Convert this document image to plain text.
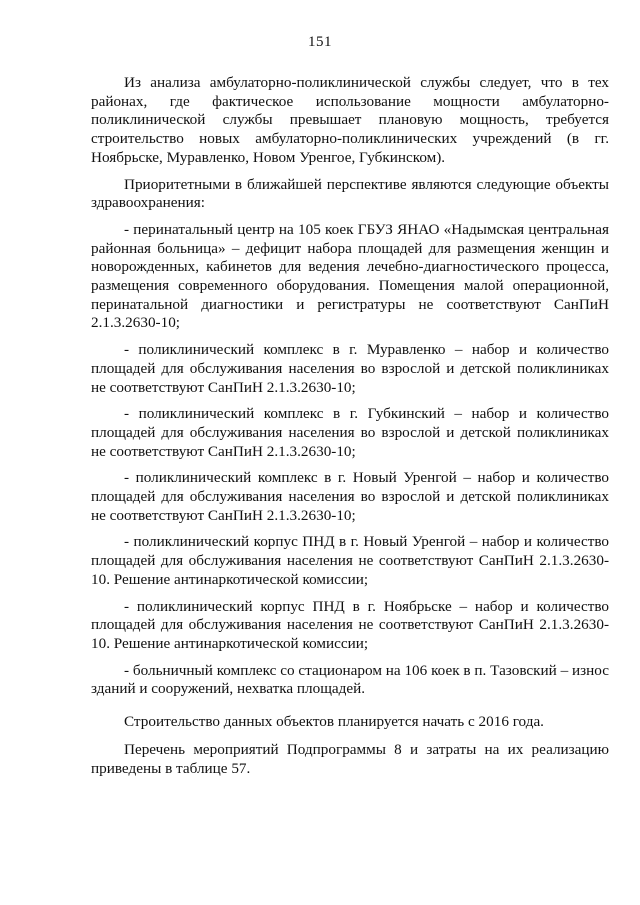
151

Из анализа амбулаторно-поликлинической службы следует, что в тех районах, где фактическое использование мощности амбулаторно-поликлинической службы превышает плановую мощность, требуется строительство новых амбулаторно-поликлинических учреждений (в гг. Ноябрьске, Муравленко, Новом Уренгое, Губкинском).

Приоритетными в ближайшей перспективе являются следующие объекты здравоохранения:

- перинатальный центр на 105 коек ГБУЗ ЯНАО «Надымская центральная районная больница» – дефицит набора площадей для размещения женщин и новорожденных, кабинетов для ведения лечебно-диагностического процесса, размещения современного оборудования. Помещения малой операционной, перинатальной диагностики и регистратуры не соответствуют СанПиН 2.1.3.2630-10;

- поликлинический комплекс в г. Муравленко – набор и количество площадей для обслуживания населения во взрослой и детской поликлиниках не соответствуют СанПиН 2.1.3.2630-10;

- поликлинический комплекс в г. Губкинский – набор и количество площадей для обслуживания населения во взрослой и детской поликлиниках не соответствуют СанПиН 2.1.3.2630-10;

- поликлинический комплекс в г. Новый Уренгой – набор и количество площадей для обслуживания населения во взрослой и детской поликлиниках не соответствуют СанПиН 2.1.3.2630-10;

- поликлинический корпус ПНД в г. Новый Уренгой – набор и количество площадей для обслуживания населения не соответствуют СанПиН 2.1.3.2630-10. Решение антинаркотической комиссии;

- поликлинический корпус ПНД в г. Ноябрьске – набор и количество площадей для обслуживания населения не соответствуют СанПиН 2.1.3.2630-10. Решение антинаркотической комиссии;

- больничный комплекс со стационаром на 106 коек в п. Тазовский – износ зданий и сооружений, нехватка площадей.

Строительство данных объектов планируется начать с 2016 года.

Перечень мероприятий Подпрограммы 8 и затраты на их реализацию приведены в таблице 57.
